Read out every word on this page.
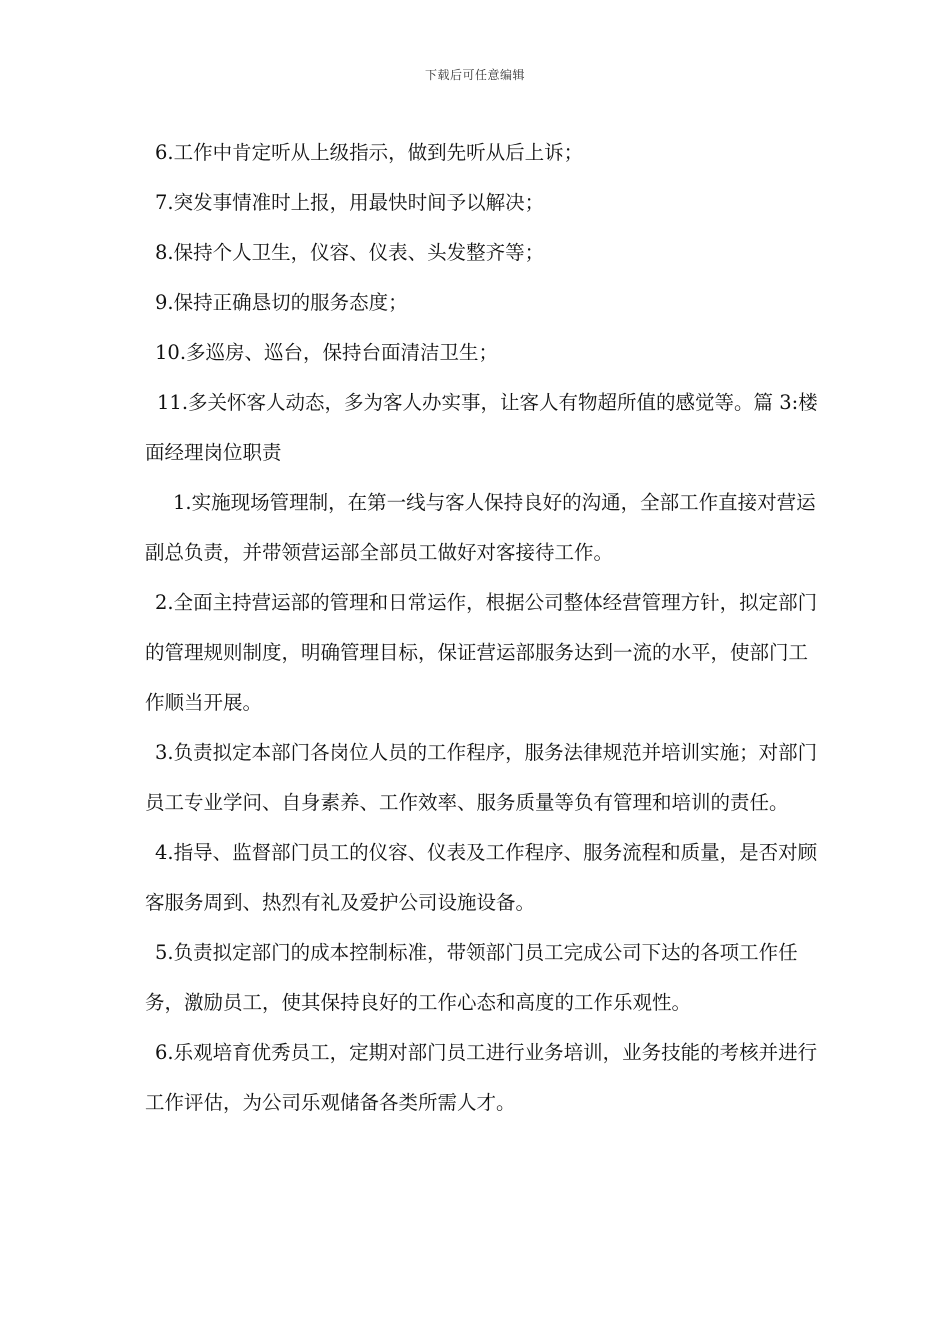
下载后可任意编辑

6.工作中肯定听从上级指示，做到先听从后上诉；

7.突发事情准时上报，用最快时间予以解决；

8.保持个人卫生，仪容、仪表、头发整齐等；

9.保持正确恳切的服务态度；

10.多巡房、巡台，保持台面清洁卫生；

11.多关怀客人动态，多为客人办实事，让客人有物超所值的感觉等。篇 3:楼面经理岗位职责

1.实施现场管理制，在第一线与客人保持良好的沟通，全部工作直接对营运副总负责，并带领营运部全部员工做好对客接待工作。

2.全面主持营运部的管理和日常运作，根据公司整体经营管理方针，拟定部门的管理规则制度，明确管理目标，保证营运部服务达到一流的水平，使部门工作顺当开展。

3.负责拟定本部门各岗位人员的工作程序，服务法律规范并培训实施；对部门员工专业学问、自身素养、工作效率、服务质量等负有管理和培训的责任。

4.指导、监督部门员工的仪容、仪表及工作程序、服务流程和质量，是否对顾客服务周到、热烈有礼及爱护公司设施设备。

5.负责拟定部门的成本控制标准，带领部门员工完成公司下达的各项工作任务，激励员工，使其保持良好的工作心态和高度的工作乐观性。

6.乐观培育优秀员工，定期对部门员工进行业务培训，业务技能的考核并进行工作评估，为公司乐观储备各类所需人才。
